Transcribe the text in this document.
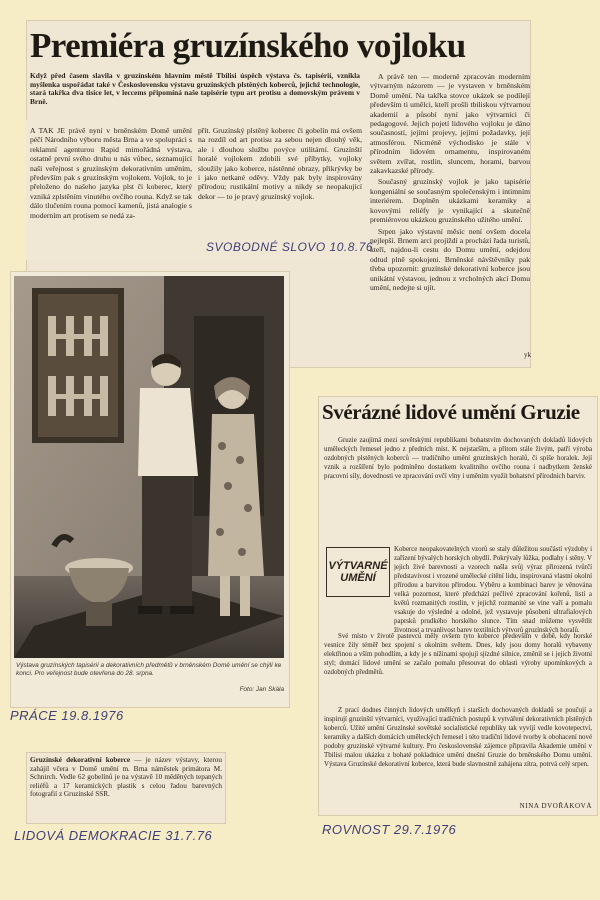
Premiéra gruzínského vojloku
Když před časem slavila v gruzínském hlavním městě Tbilisi úspěch výstava čs. tapisérií, vznikla myšlenka uspořádat také v Československu výstavu gruzínských plstěných koberců, jejichž technologie, stará takřka dva tisíce let, v leccems připomíná naše tapisérie typu art protisu a domovským právem v Brně.
A TAK JE právě nyní v brněnském Domě umění péčí Národního výboru města Brna a ve spolupráci s reklamní agenturou Rapid mimořádná výstava, ostatně první svého druhu u nás vůbec, seznamující naši veřejnost s gruzínským dekorativním uměním, především pak s gruzínským vojlokem. Vojlok, to je přeloženo do našeho jazyka plst či koberec, který vzniká zplstěním vinutého ovčího rouna. Když se tak dálo tlučením rouna pomocí kamenů, jistá analogie s moderním art protisem se nedá za-
přít. Gruzínský plstěný koberec či gobelín má ovšem na rozdíl od art protisu za sebou nejen dlouhý věk, ale i dlouhou službu povýce utilitární. Gruzínští horalé vojlokem zdobili své příbytky, vojloky sloužily jako koberce, nástěnné obrazy, přikrývky be i jako netkané oděvy. Vždy pak byly inspirovány přírodou; rustikální motivy a nikdy se neopakující dekor — to je pravý gruzínský vojlok.

A právě ten — moderně zpracován moderním výtvarným názorem — je vystaven v brněnském Domě umění. Na takřka stovce ukázek se podílejí především ti umělci, kteří prošli tbiliskou výtvarnou akademií a působí nyní jako výtvarníci či pedagogové. Jejich pojetí lidového vojloku je dáno současností, jejími projevy, jejími požadavky, její atmosférou. Nicméně východisko je stále v přírodním lidovém ornamentu, inspirovaném světem zvířat, rostlin, sluncem, horami, barvou zakavkazské přírody.

Současný gruzínský vojlok je jako tapisérie kongeniální se současným společenským i intimním interiérem. Doplněn ukázkami keramiky a kovovými reliéfy je vynikající a skutečně premiérovou ukázkou gruzínského užitého umění.

Srpen jako výstavní měsíc není ovšem docela nejlepší. Brnem arci projíždí a prochází řada turistů, kteří, najdou-li cestu do Domu umění, odejdou odtud plně spokojeni. Brněnské návštěvníky pak třeba upozornit: gruzínské dekorativní koberce jsou unikátní výstavou, jednou z vrcholných akcí Domu umění, nedejte si ujít.

yk
SVOBODNÉ SLOVO 10.8.76
Výstava gruzínských tapisérií a dekorativních předmětů v brněnském Domě umění se chýlí ke konci. Pro veřejnost bude otevřena do 28. srpna.
Foto: Jan Skála
PRÁCE 19.8.1976
Svérázné lidové umění Gruzie
Gruzie zaujímá mezi sovětskými republikami bohatstvím dochovaných dokladů lidových uměleckých řemesel jedno z předních míst. K nejstarším, a přitom stále živým, patří výroba ozdobných plstěných koberců — tradičního umění gruzínských horalů, či spíše horalek. Její vznik a rozšíření bylo podmíněno dostatkem kvalitního ovčího rouna i nadbytkem ženské pracovní síly, dovednosti ve zpracování ovčí vlny i uměním využít bohatství přírodních barviv.
VÝTVARNÉ UMĚNÍ
Koberce neopakovatelných vzorů se staly důležitou součástí výzdoby i zařízení bývalých horských obydlí. Pokrývaly lůžka, podlahy i stěny. V jejich živé barevnosti a vzorech našla svůj výraz přirozená tvůrčí představivost i vrozené umělecké cítění lidu, inspirovaná vlastní okolní přírodou a barvitou přírodou. Výběru a kombinaci barev je věnována velká pozornost, které předchází pečlivé zpracování kořenů, listí a květů rozmanitých rostlin, v jejichž rozmanité se vine vaří a pomalu vsakuje do výsledné a odolné, jež vystavuje působení ultrafialových paprsků prudkého horského slunce. Tím snad můžeme vysvětlit životnost a trvanlivost barev textilních výtvorů gruzínských horalů.
Své místo v životě pastevců měly ovšem tyto koberce především v době, kdy horské vesnice žily téměř bez spojení s okolním světem. Dnes, kdy jsou domy horalů vybaveny elektřinou a vším pohodlím, a kdy je s nížinami spojují sjízdné silnice, změnil se i jejich životní styl; domácí lidové umění se začalo pomalu přesouvat do oblasti výroby upomínkových a ozdobných předmětů.
Z prací dodnes činných lidových umělkyň i starších dochovaných dokladů se poučují a inspirují gruzínští výtvarníci, využívající tradičních postupů k vytváření dekorativních plstěných koberců. Užité umění Gruzínské sovětské socialistické republiky tak vyvíjí vedle kovotepectví, keramiky a dalších domácích uměleckých řemesel i této tradiční lidové tvorby k obohacení nové podoby gruzínské výtvarné kultury. Pro československé zájemce připravila Akademie umění v Tbilisi malou ukázku z bohaté pokladnice umění dnešní Gruzie do brněnského Domu umění. Výstava Gruzínské dekorativní koberce, která bude slavnostně zahájena zítra, potrvá celý srpen.
NINA DVOŘÁKOVÁ
ROVNOST 29.7.1976
Gruzínské dekorativní koberce — je název výstavy, kterou zahájil včera v Domě umění m. Brna náměstek primátora M. Schnirch. Vedle 62 gobelínů je na výstavě 10 měděných tepaných reliéfů a 17 keramických plastik s celou řadou barevných fotografií z Gruzínské SSR.
LIDOVÁ DEMOKRACIE 31.7.76
